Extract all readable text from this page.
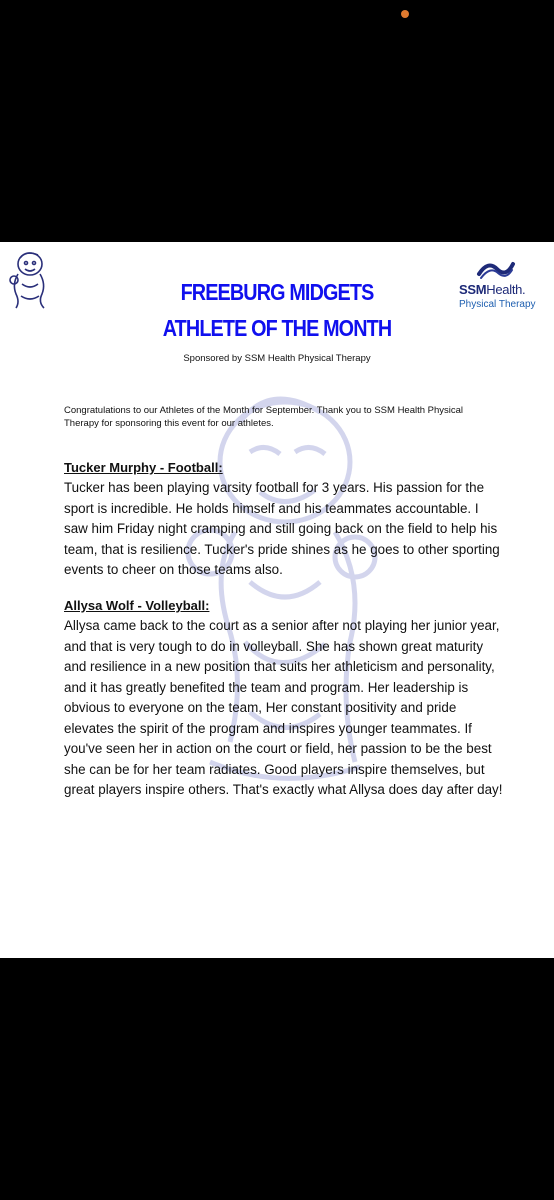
SSMHealth.
Physical Therapy
FREEBURG MIDGETS
ATHLETE OF THE MONTH
Sponsored by SSM Health Physical Therapy
Congratulations to our Athletes of the Month for September. Thank you to SSM Health Physical Therapy for sponsoring this event for our athletes.
Tucker Murphy - Football:
Tucker has been playing varsity football for 3 years. His passion for the sport is incredible. He holds himself and his teammates accountable. I saw him Friday night cramping and still going back on the field to help his team, that is resilience. Tucker's pride shines as he goes to other sporting events to cheer on those teams also.
Allysa Wolf - Volleyball:
Allysa came back to the court as a senior after not playing her junior year, and that is very tough to do in volleyball. She has shown great maturity and resilience in a new position that suits her athleticism and personality, and it has greatly benefited the team and program. Her leadership is obvious to everyone on the team, Her constant positivity and pride elevates the spirit of the program and inspires younger teammates. If you've seen her in action on the court or field, her passion to be the best she can be for her team radiates. Good players inspire themselves, but great players inspire others. That's exactly what Allysa does day after day!
